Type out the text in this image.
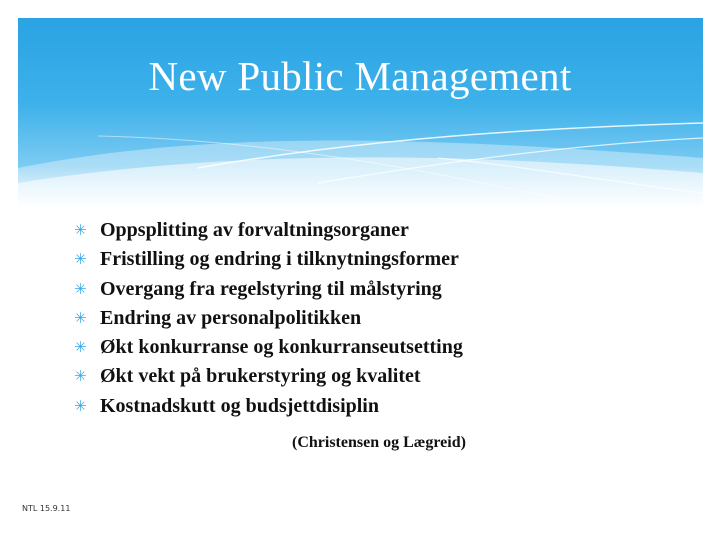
New Public Management
✳ Oppsplitting av forvaltningsorganer
✳ Fristilling og endring i tilknytningsformer
✳ Overgang fra regelstyring til målstyring
✳ Endring av personalpolitikken
✳ Økt konkurranse og konkurranseutsetting
✳ Økt vekt på brukerstyring og kvalitet
✳ Kostnadskutt og budsjettdisiplin
(Christensen og Lægreid)
NTL 15.9.11
